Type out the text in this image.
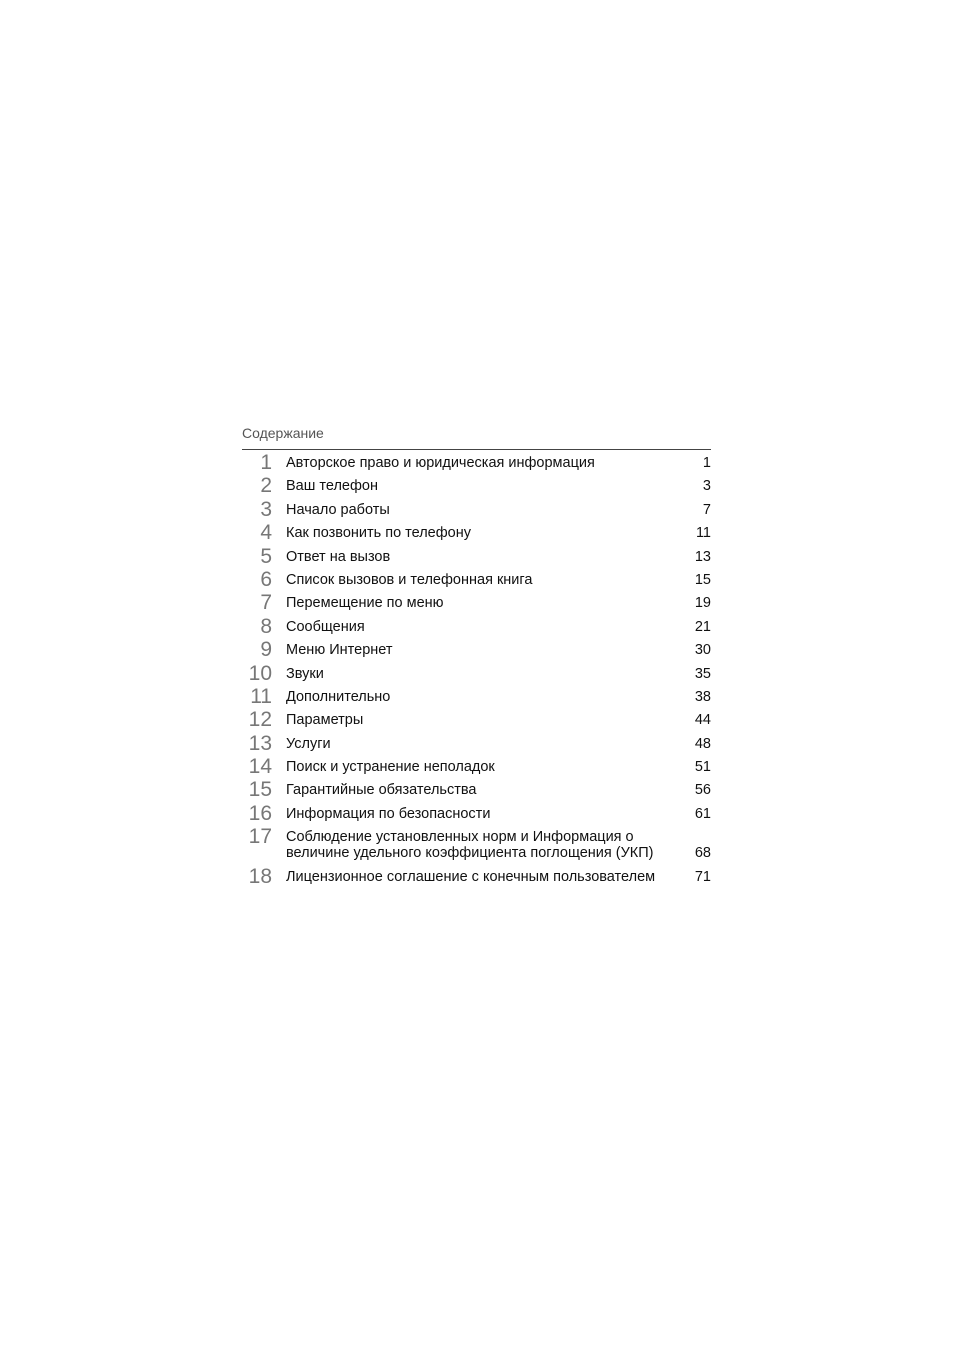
Содержание
1 Авторское право и юридическая информация	1
2 Ваш телефон	3
3 Начало работы	7
4 Как позвонить по телефону	11
5 Ответ на вызов	13
6 Список вызовов и телефонная книга	15
7 Перемещение по меню	19
8 Сообщения	21
9 Меню Интернет	30
10 Звуки	35
11 Дополнительно	38
12 Параметры	44
13 Услуги	48
14 Поиск и устранение неполадок	51
15 Гарантийные обязательства	56
16 Информация по безопасности	61
17 Соблюдение установленных норм и Информация о величине удельного коэффициента поглощения (УКП)	68
18 Лицензионное соглашение с конечным пользователем	71
